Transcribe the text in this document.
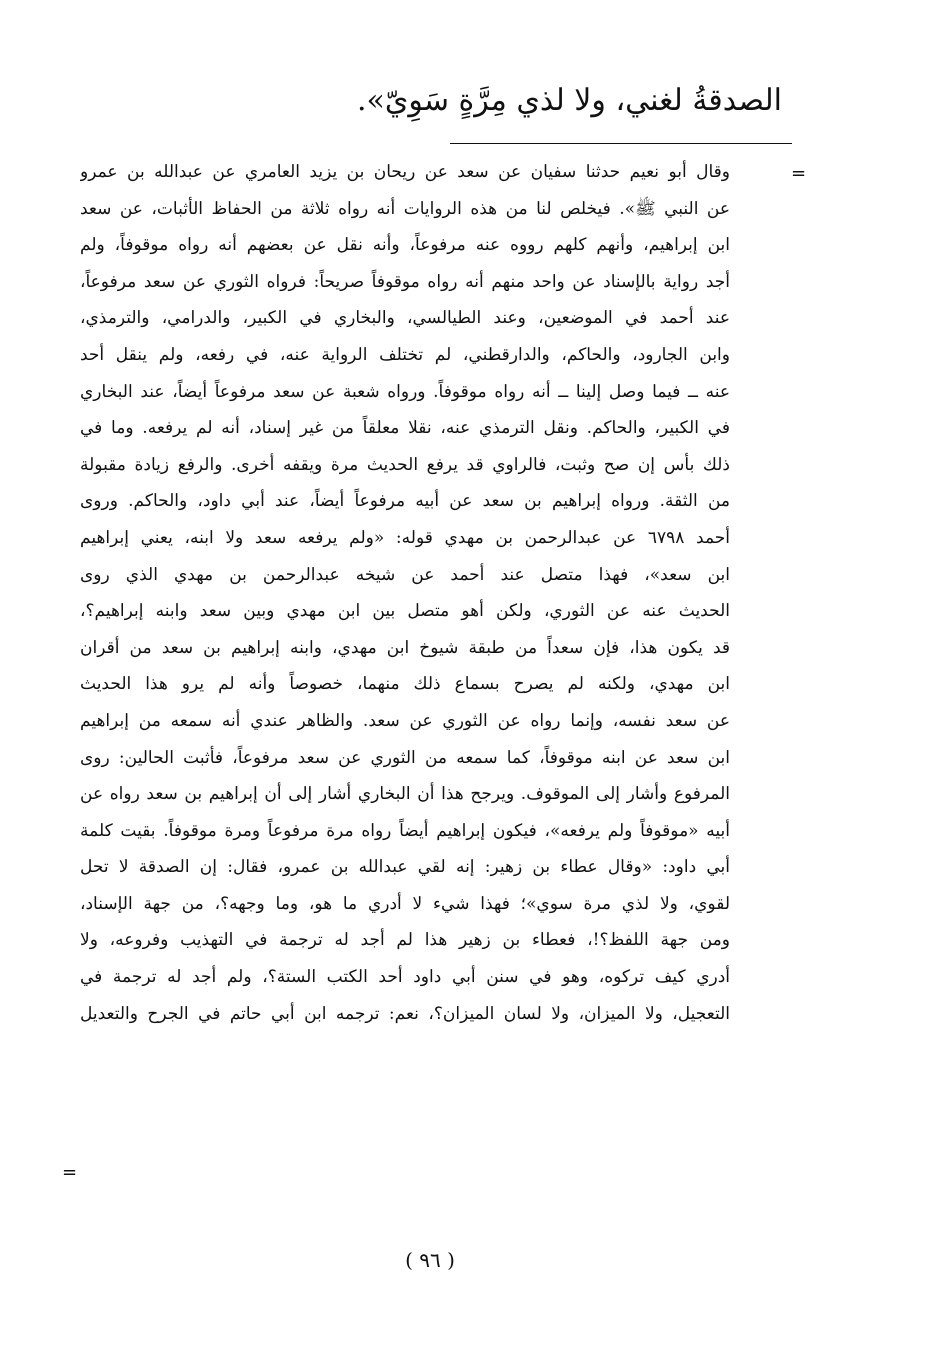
الصدقةُ لغني، ولا لذي مِرَّةٍ سَوِيّ».
=
وقال أبو نعيم حدثنا سفيان عن سعد عن ريحان بن يزيد العامري عن عبدالله بن عمرو
عن النبي ﷺ». فيخلص لنا من هذه الروايات أنه رواه ثلاثة من الحفاظ الأثبات، عن سعد
ابن إبراهيم، وأنهم كلهم رووه عنه مرفوعاً، وأنه نقل عن بعضهم أنه رواه موقوفاً، ولم
أجد رواية بالإسناد عن واحد منهم أنه رواه موقوفاً صريحاً: فرواه الثوري عن سعد مرفوعاً،
عند أحمد في الموضعين، وعند الطيالسي، والبخاري في الكبير، والدرامي، والترمذي،
وابن الجارود، والحاكم، والدارقطني، لم تختلف الرواية عنه، في رفعه، ولم ينقل أحد
عنه ــ فيما وصل إلينا ــ أنه رواه موقوفاً. ورواه شعبة عن سعد مرفوعاً أيضاً، عند البخاري
في الكبير، والحاكم. ونقل الترمذي عنه، نقلا معلقاً من غير إسناد، أنه لم يرفعه. وما في
ذلك بأس إن صح وثبت، فالراوي قد يرفع الحديث مرة ويقفه أخرى. والرفع زيادة مقبولة
من الثقة. ورواه إبراهيم بن سعد عن أبيه مرفوعاً أيضاً، عند أبي داود، والحاكم. وروى
أحمد ٦٧٩٨ عن عبدالرحمن بن مهدي قوله: «ولم يرفعه سعد ولا ابنه، يعني إبراهيم
ابن سعد»، فهذا متصل عند أحمد عن شيخه عبدالرحمن بن مهدي الذي روى
الحديث عنه عن الثوري، ولكن أهو متصل بين ابن مهدي وبين سعد وابنه إبراهيم؟،
قد يكون هذا، فإن سعداً من طبقة شيوخ ابن مهدي، وابنه إبراهيم بن سعد من أقران
ابن مهدي، ولكنه لم يصرح بسماع ذلك منهما، خصوصاً وأنه لم يرو هذا الحديث
عن سعد نفسه، وإنما رواه عن الثوري عن سعد. والظاهر عندي أنه سمعه من إبراهيم
ابن سعد عن ابنه موقوفاً، كما سمعه من الثوري عن سعد مرفوعاً، فأثبت الحالين: روى
المرفوع وأشار إلى الموقوف. ويرجح هذا أن البخاري أشار إلى أن إبراهيم بن سعد رواه عن
أبيه «موقوفاً ولم يرفعه»، فيكون إبراهيم أيضاً رواه مرة مرفوعاً ومرة موقوفاً. بقيت كلمة
أبي داود: «وقال عطاء بن زهير: إنه لقي عبدالله بن عمرو، فقال: إن الصدقة لا تحل
لقوي، ولا لذي مرة سوي»؛ فهذا شيء لا أدري ما هو، وما وجهه؟، من جهة الإسناد،
ومن جهة اللفظ؟!، فعطاء بن زهير هذا لم أجد له ترجمة في التهذيب وفروعه، ولا
أدري كيف تركوه، وهو في سنن أبي داود أحد الكتب الستة؟، ولم أجد له ترجمة في
التعجيل، ولا الميزان، ولا لسان الميزان؟، نعم: ترجمه ابن أبي حاتم في الجرح والتعديل
=
( ٩٦ )
